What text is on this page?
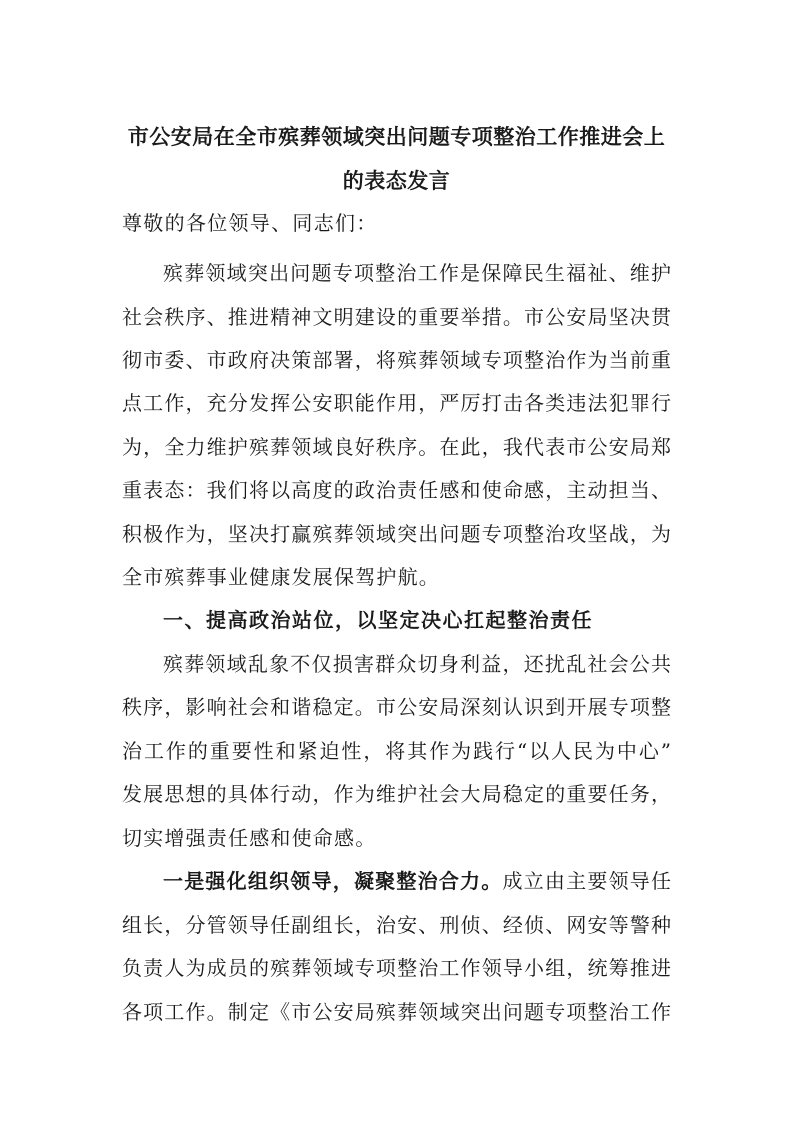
市公安局在全市殡葬领域突出问题专项整治工作推进会上
的表态发言
尊敬的各位领导、同志们：
殡葬领域突出问题专项整治工作是保障民生福祉、维护
社会秩序、推进精神文明建设的重要举措。市公安局坚决贯
彻市委、市政府决策部署，将殡葬领域专项整治作为当前重
点工作，充分发挥公安职能作用，严厉打击各类违法犯罪行
为，全力维护殡葬领域良好秩序。在此，我代表市公安局郑
重表态：我们将以高度的政治责任感和使命感，主动担当、
积极作为，坚决打赢殡葬领域突出问题专项整治攻坚战，为
全市殡葬事业健康发展保驾护航。
一、提高政治站位，以坚定决心扛起整治责任
殡葬领域乱象不仅损害群众切身利益，还扰乱社会公共
秩序，影响社会和谐稳定。市公安局深刻认识到开展专项整
治工作的重要性和紧迫性，将其作为践行“以人民为中心”
发展思想的具体行动，作为维护社会大局稳定的重要任务，
切实增强责任感和使命感。
一是强化组织领导，凝聚整治合力。成立由主要领导任
组长，分管领导任副组长，治安、刑侦、经侦、网安等警种
负责人为成员的殡葬领域专项整治工作领导小组，统筹推进
各项工作。制定《市公安局殡葬领域突出问题专项整治工作
